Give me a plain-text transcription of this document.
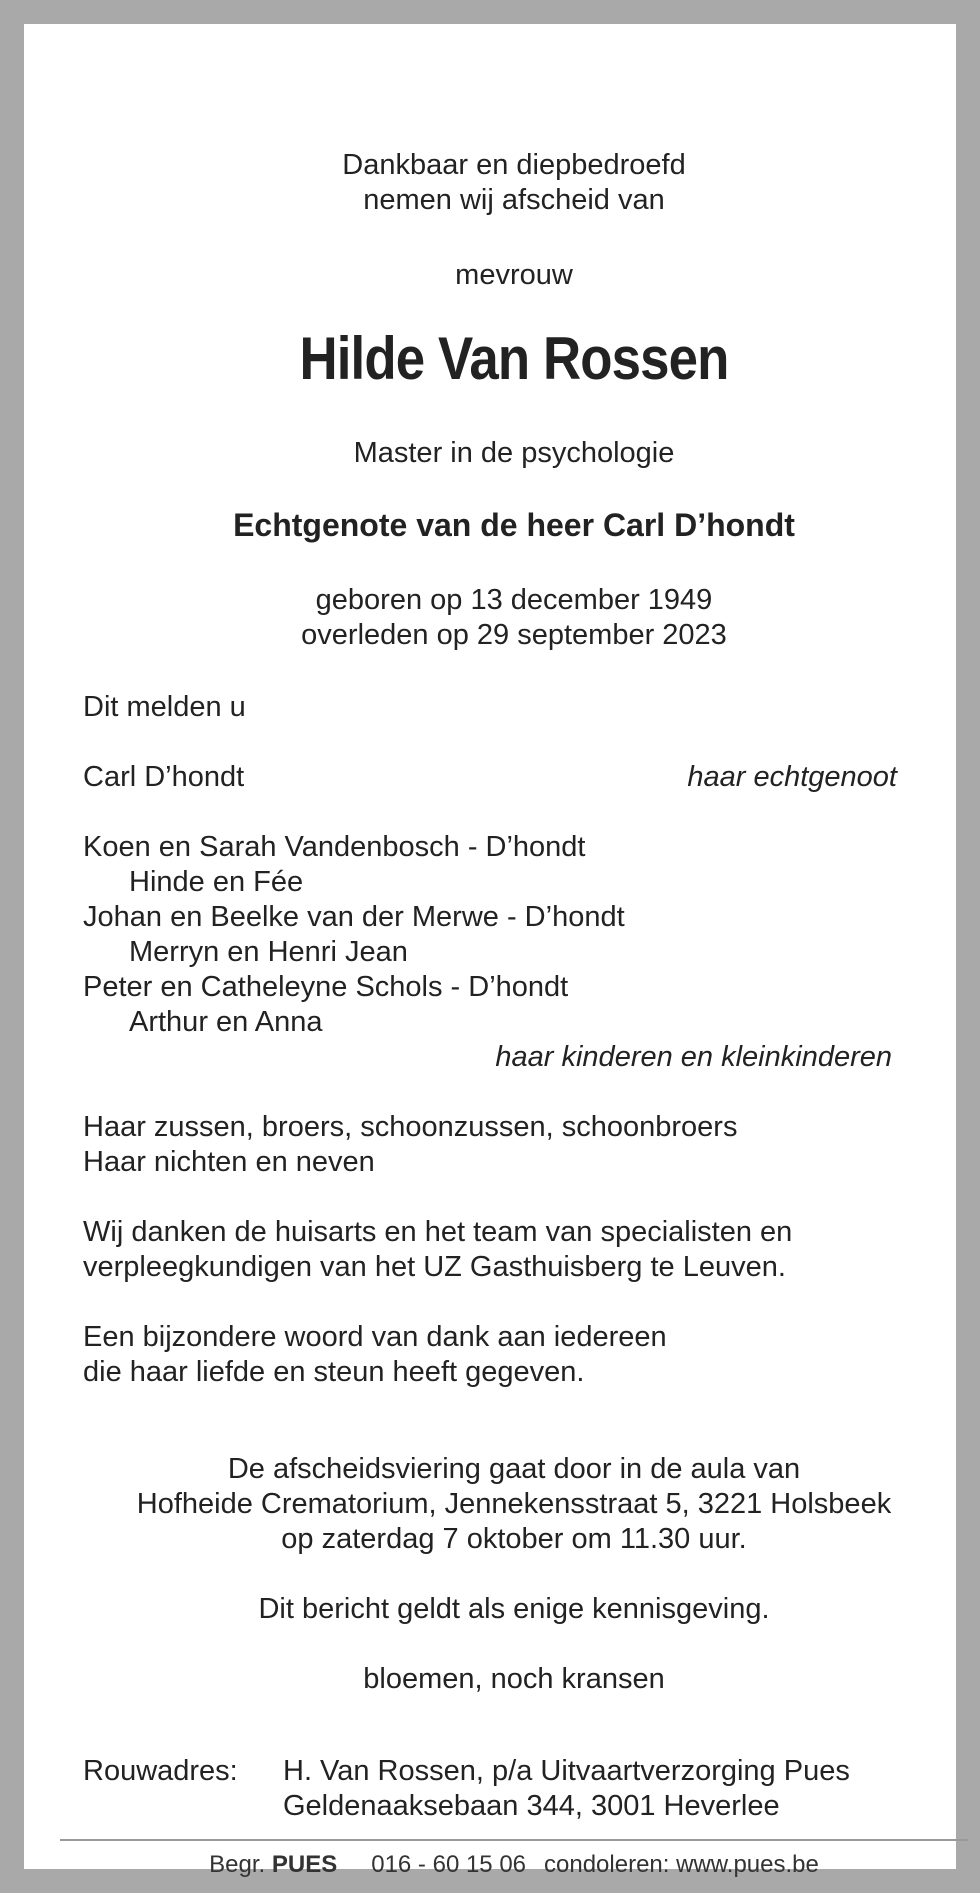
Dankbaar en diepbedroefd
nemen wij afscheid van
mevrouw
Hilde Van Rossen
Master in de psychologie
Echtgenote van de heer Carl D’hondt
geboren op 13 december 1949
overleden op 29 september 2023
Dit melden u
Carl D’hondt	haar echtgenoot
Koen en Sarah Vandenbosch - D’hondt
Hinde en Fée
Johan en Beelke van der Merwe - D’hondt
Merryn en Henri Jean
Peter en Catheleyne Schols - D’hondt
Arthur en Anna
haar kinderen en kleinkinderen
Haar zussen, broers, schoonzussen, schoonbroers
Haar nichten en neven
Wij danken de huisarts en het team van specialisten en
verpleegkundigen van het UZ Gasthuisberg te Leuven.
Een bijzondere woord van dank aan iedereen
die haar liefde en steun heeft gegeven.
De afscheidsviering gaat door in de aula van
Hofheide Crematorium, Jennekensstraat 5, 3221 Holsbeek
op zaterdag 7 oktober om 11.30 uur.
Dit bericht geldt als enige kennisgeving.
bloemen, noch kransen
Rouwadres: H. Van Rossen, p/a Uitvaartverzorging Pues
Geldenaaksebaan 344, 3001 Heverlee
Begr. PUES 016 - 60 15 06 condoleren: www.pues.be
